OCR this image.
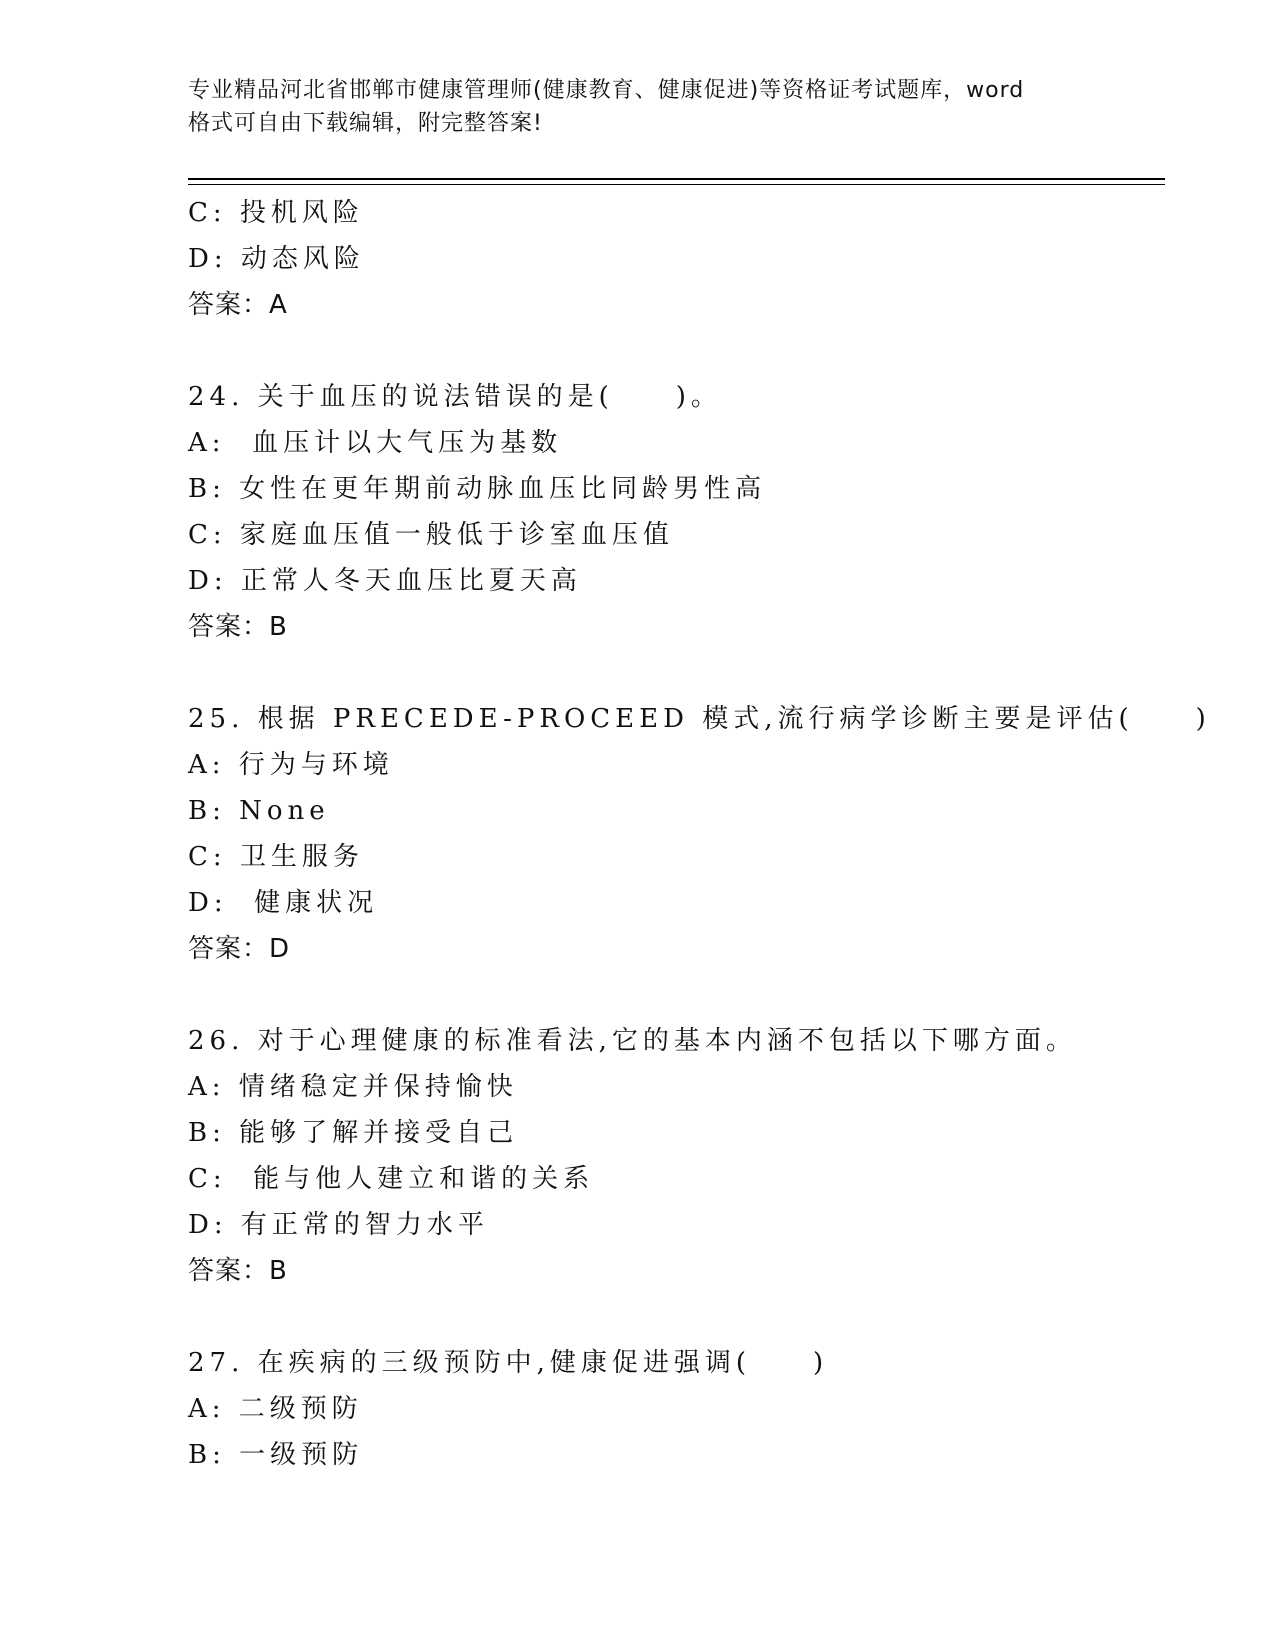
专业精品河北省邯郸市健康管理师(健康教育、健康促进)等资格证考试题库，word
格式可自由下载编辑，附完整答案!
C: 投机风险
D: 动态风险
答案：A
24. 关于血压的说法错误的是(　　)。
A:  血压计以大气压为基数
B: 女性在更年期前动脉血压比同龄男性高
C: 家庭血压值一般低于诊室血压值
D: 正常人冬天血压比夏天高
答案：B
25. 根据 PRECEDE-PROCEED 模式,流行病学诊断主要是评估(　　)
A: 行为与环境
B: None
C: 卫生服务
D:  健康状况
答案：D
26. 对于心理健康的标准看法,它的基本内涵不包括以下哪方面。
A: 情绪稳定并保持愉快
B: 能够了解并接受自己
C:  能与他人建立和谐的关系
D: 有正常的智力水平
答案：B
27. 在疾病的三级预防中,健康促进强调(　　)
A: 二级预防
B: 一级预防
